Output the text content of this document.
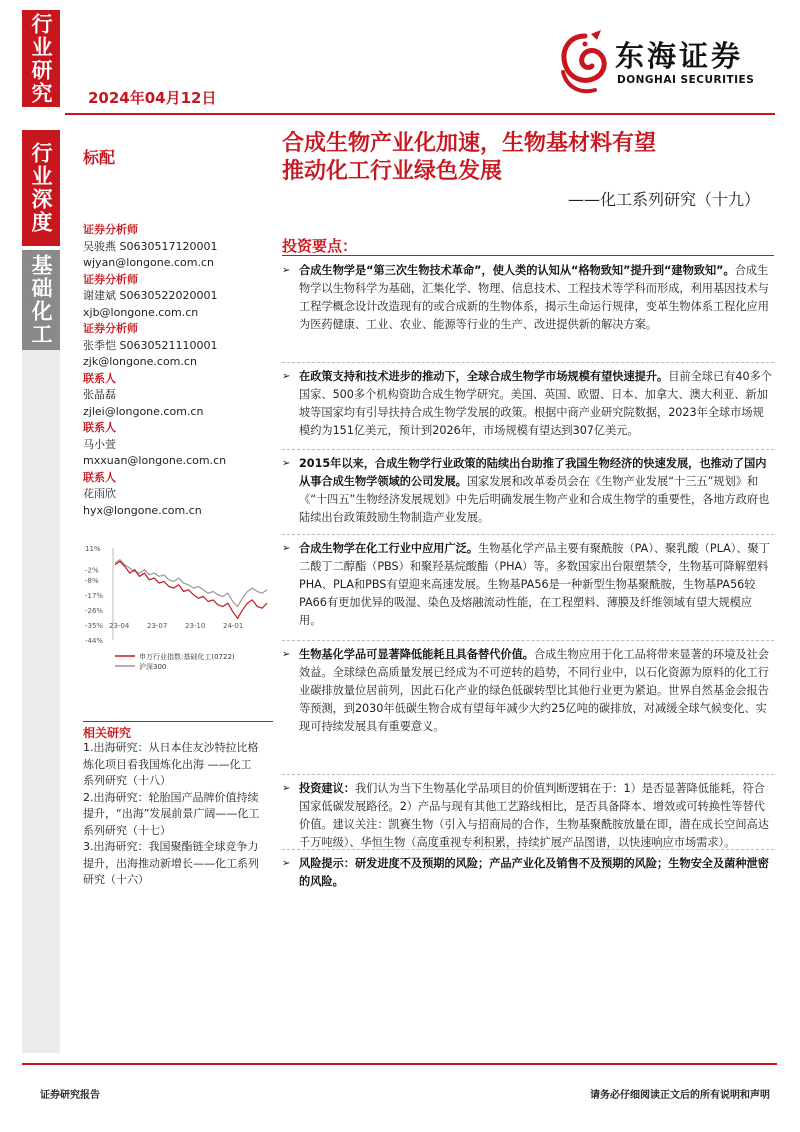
行业研究
行业深度
基础化工
2024年04月12日
东海证券
DONGHAI SECURITIES
标配
合成生物产业化加速，生物基材料有望
推动化工行业绿色发展
——化工系列研究（十九）
证券分析师
吴骏燕 S0630517120001
wjyan@longone.com.cn
证券分析师
谢建斌 S0630522020001
xjb@longone.com.cn
证券分析师
张季恺 S0630521110001
zjk@longone.com.cn
联系人
张晶磊
zjlei@longone.com.cn
联系人
马小萱
mxxuan@longone.com.cn
联系人
花雨欣
hyx@longone.com.cn
11%
-2%
-8%
-17%
-26%
-35%
-44%
23-04	23-07	23-10	24-01
申万行业指数:基础化工(0722)
沪深300
相关研究
1.出海研究：从日本住友沙特拉比格
炼化项目看我国炼化出海 ——化工
系列研究（十八）
2.出海研究：轮胎国产品牌价值持续
提升，“出海”发展前景广阔——化工
系列研究（十七）
3.出海研究：我国聚酯链全球竞争力
提升，出海推动新增长——化工系列
研究（十六）
投资要点：
➢ 合成生物学是“第三次生物技术革命”，使人类的认知从“格物致知”提升到“建物致知”。合成生物学以生物科学为基础，汇集化学、物理、信息技术、工程技术等学科而形成，利用基因技术与工程学概念设计改造现有的或合成新的生物体系，揭示生命运行规律，变革生物体系工程化应用为医药健康、工业、农业、能源等行业的生产、改进提供新的解决方案。
➢ 在政策支持和技术进步的推动下，全球合成生物学市场规模有望快速提升。目前全球已有40多个国家、500多个机构资助合成生物学研究。美国、英国、欧盟、日本、加拿大、澳大利亚、新加坡等国家均有引导扶持合成生物学发展的政策。根据中商产业研究院数据，2023年全球市场规模约为151亿美元，预计到2026年，市场规模有望达到307亿美元。
➢ 2015年以来，合成生物学行业政策的陆续出台助推了我国生物经济的快速发展，也推动了国内从事合成生物学领域的公司发展。国家发展和改革委员会在《生物产业发展“十三五”规划》和《“十四五”生物经济发展规划》中先后明确发展生物产业和合成生物学的重要性，各地方政府也陆续出台政策鼓励生物制造产业发展。
➢ 合成生物学在化工行业中应用广泛。生物基化学产品主要有聚酰胺（PA）、聚乳酸（PLA）、聚丁二酸丁二醇酯（PBS）和聚羟基烷酸酯（PHA）等。多数国家出台限塑禁令，生物基可降解塑料PHA、PLA和PBS有望迎来高速发展。生物基PA56是一种新型生物基聚酰胺，生物基PA56较PA66有更加优异的吸湿、染色及熔融流动性能，在工程塑料、薄膜及纤维领域有望大规模应用。
➢ 生物基化学品可显著降低能耗且具备替代价值。合成生物应用于化工品将带来显著的环境及社会效益。全球绿色高质量发展已经成为不可逆转的趋势，不同行业中，以石化资源为原料的化工行业碳排放量位居前列，因此石化产业的绿色低碳转型比其他行业更为紧迫。世界自然基金会报告等预测，到2030年低碳生物合成有望每年减少大约25亿吨的碳排放，对减缓全球气候变化、实现可持续发展具有重要意义。
➢ 投资建议：我们认为当下生物基化学品项目的价值判断逻辑在于：1）是否显著降低能耗，符合国家低碳发展路径。2）产品与现有其他工艺路线相比，是否具备降本、增效或可转换性等替代价值。建议关注：凯赛生物（引入与招商局的合作，生物基聚酰胺放量在即，潜在成长空间高达千万吨级）、华恒生物（高度重视专利积累，持续扩展产品图谱，以快速响应市场需求）。
➢ 风险提示：研发进度不及预期的风险；产品产业化及销售不及预期的风险；生物安全及菌种泄密的风险。
证券研究报告	请务必仔细阅读正文后的所有说明和声明
